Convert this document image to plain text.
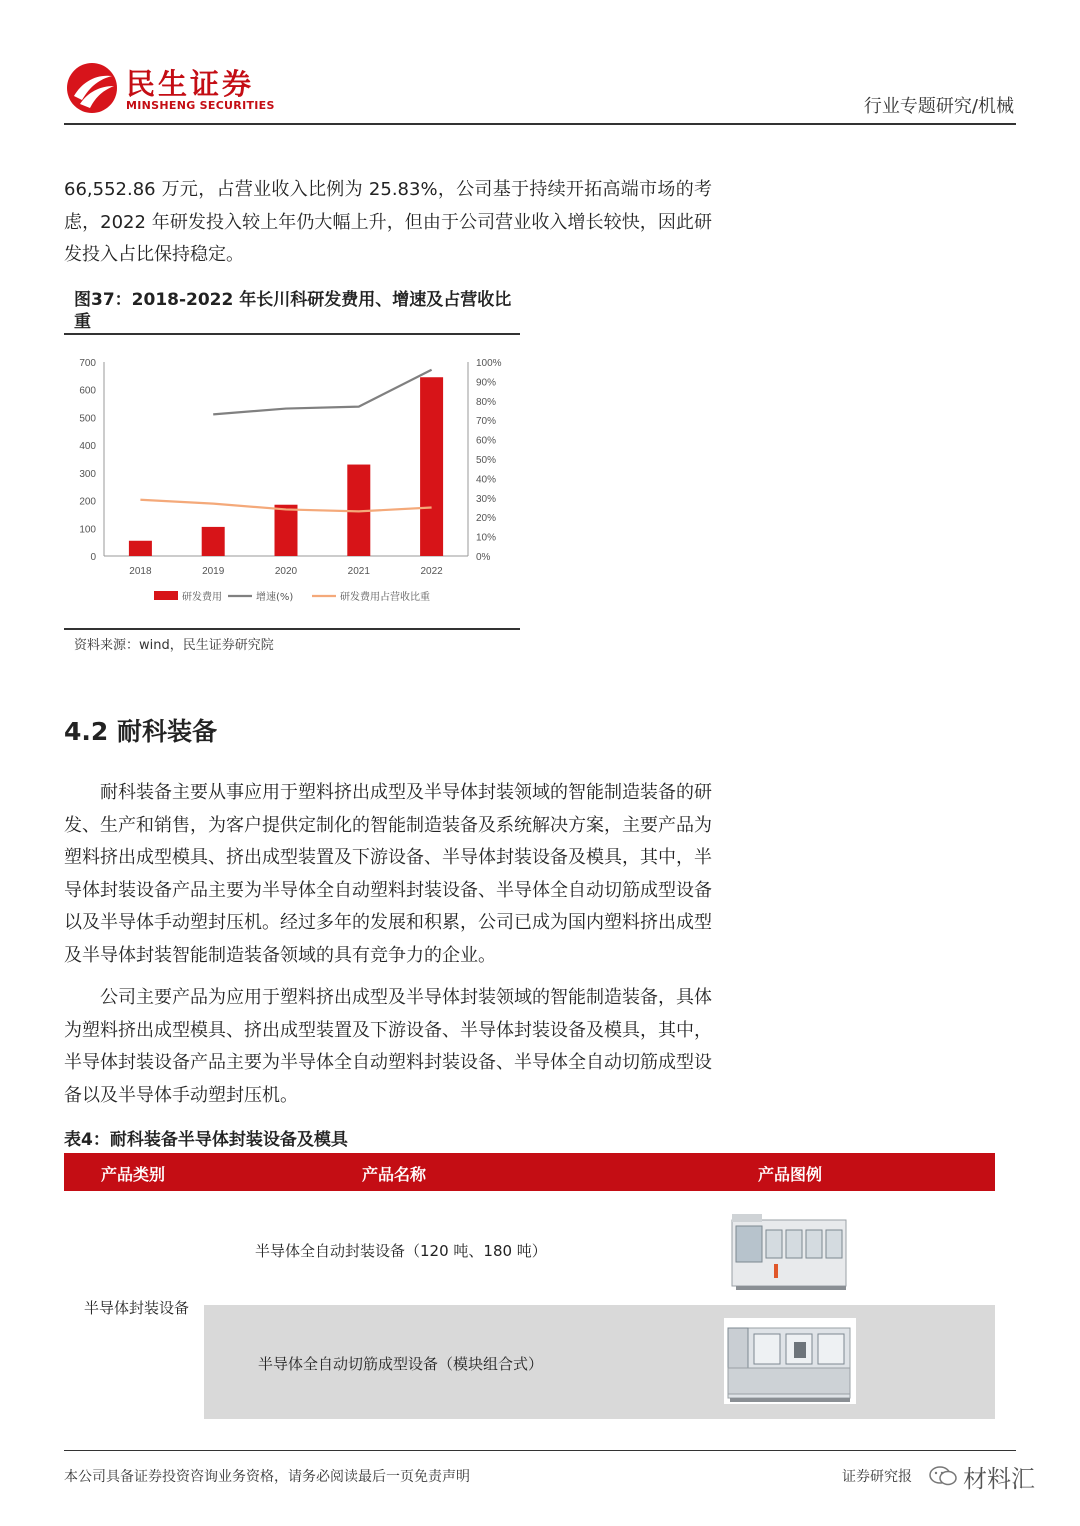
民生证券
MINSHENG SECURITIES	行业专题研究/机械

66,552.86 万元，占营业收入比例为 25.83%，公司基于持续开拓高端市场的考虑，2022 年研发投入较上年仍大幅上升，但由于公司营业收入增长较快，因此研发投入占比保持稳定。

图37：2018-2022 年长川科研发费用、增速及占营收比重
0
100
200
300
400
500
600
700
0%
10%
20%
30%
40%
50%
60%
70%
80%
90%
100%
2018	2019	2020	2021	2022
研发费用	增速(%)	研发费用占营收比重
资料来源：wind，民生证券研究院
4.2 耐科装备

耐科装备主要从事应用于塑料挤出成型及半导体封装领域的智能制造装备的研发、生产和销售，为客户提供定制化的智能制造装备及系统解决方案，主要产品为塑料挤出成型模具、挤出成型装置及下游设备、半导体封装设备及模具，其中，半导体封装设备产品主要为半导体全自动塑料封装设备、半导体全自动切筋成型设备以及半导体手动塑封压机。经过多年的发展和积累，公司已成为国内塑料挤出成型及半导体封装智能制造装备领域的具有竞争力的企业。

公司主要产品为应用于塑料挤出成型及半导体封装领域的智能制造装备，具体为塑料挤出成型模具、挤出成型装置及下游设备、半导体封装设备及模具，其中，半导体封装设备产品主要为半导体全自动塑料封装设备、半导体全自动切筋成型设备以及半导体手动塑封压机。

表4：耐科装备半导体封装设备及模具
产品类别	产品名称	产品图例
半导体封装设备
半导体全自动封装设备（120 吨、180 吨）
半导体全自动切筋成型设备（模块组合式）
本公司具备证券投资咨询业务资格，请务必阅读最后一页免责声明	证券研究报 材料汇
